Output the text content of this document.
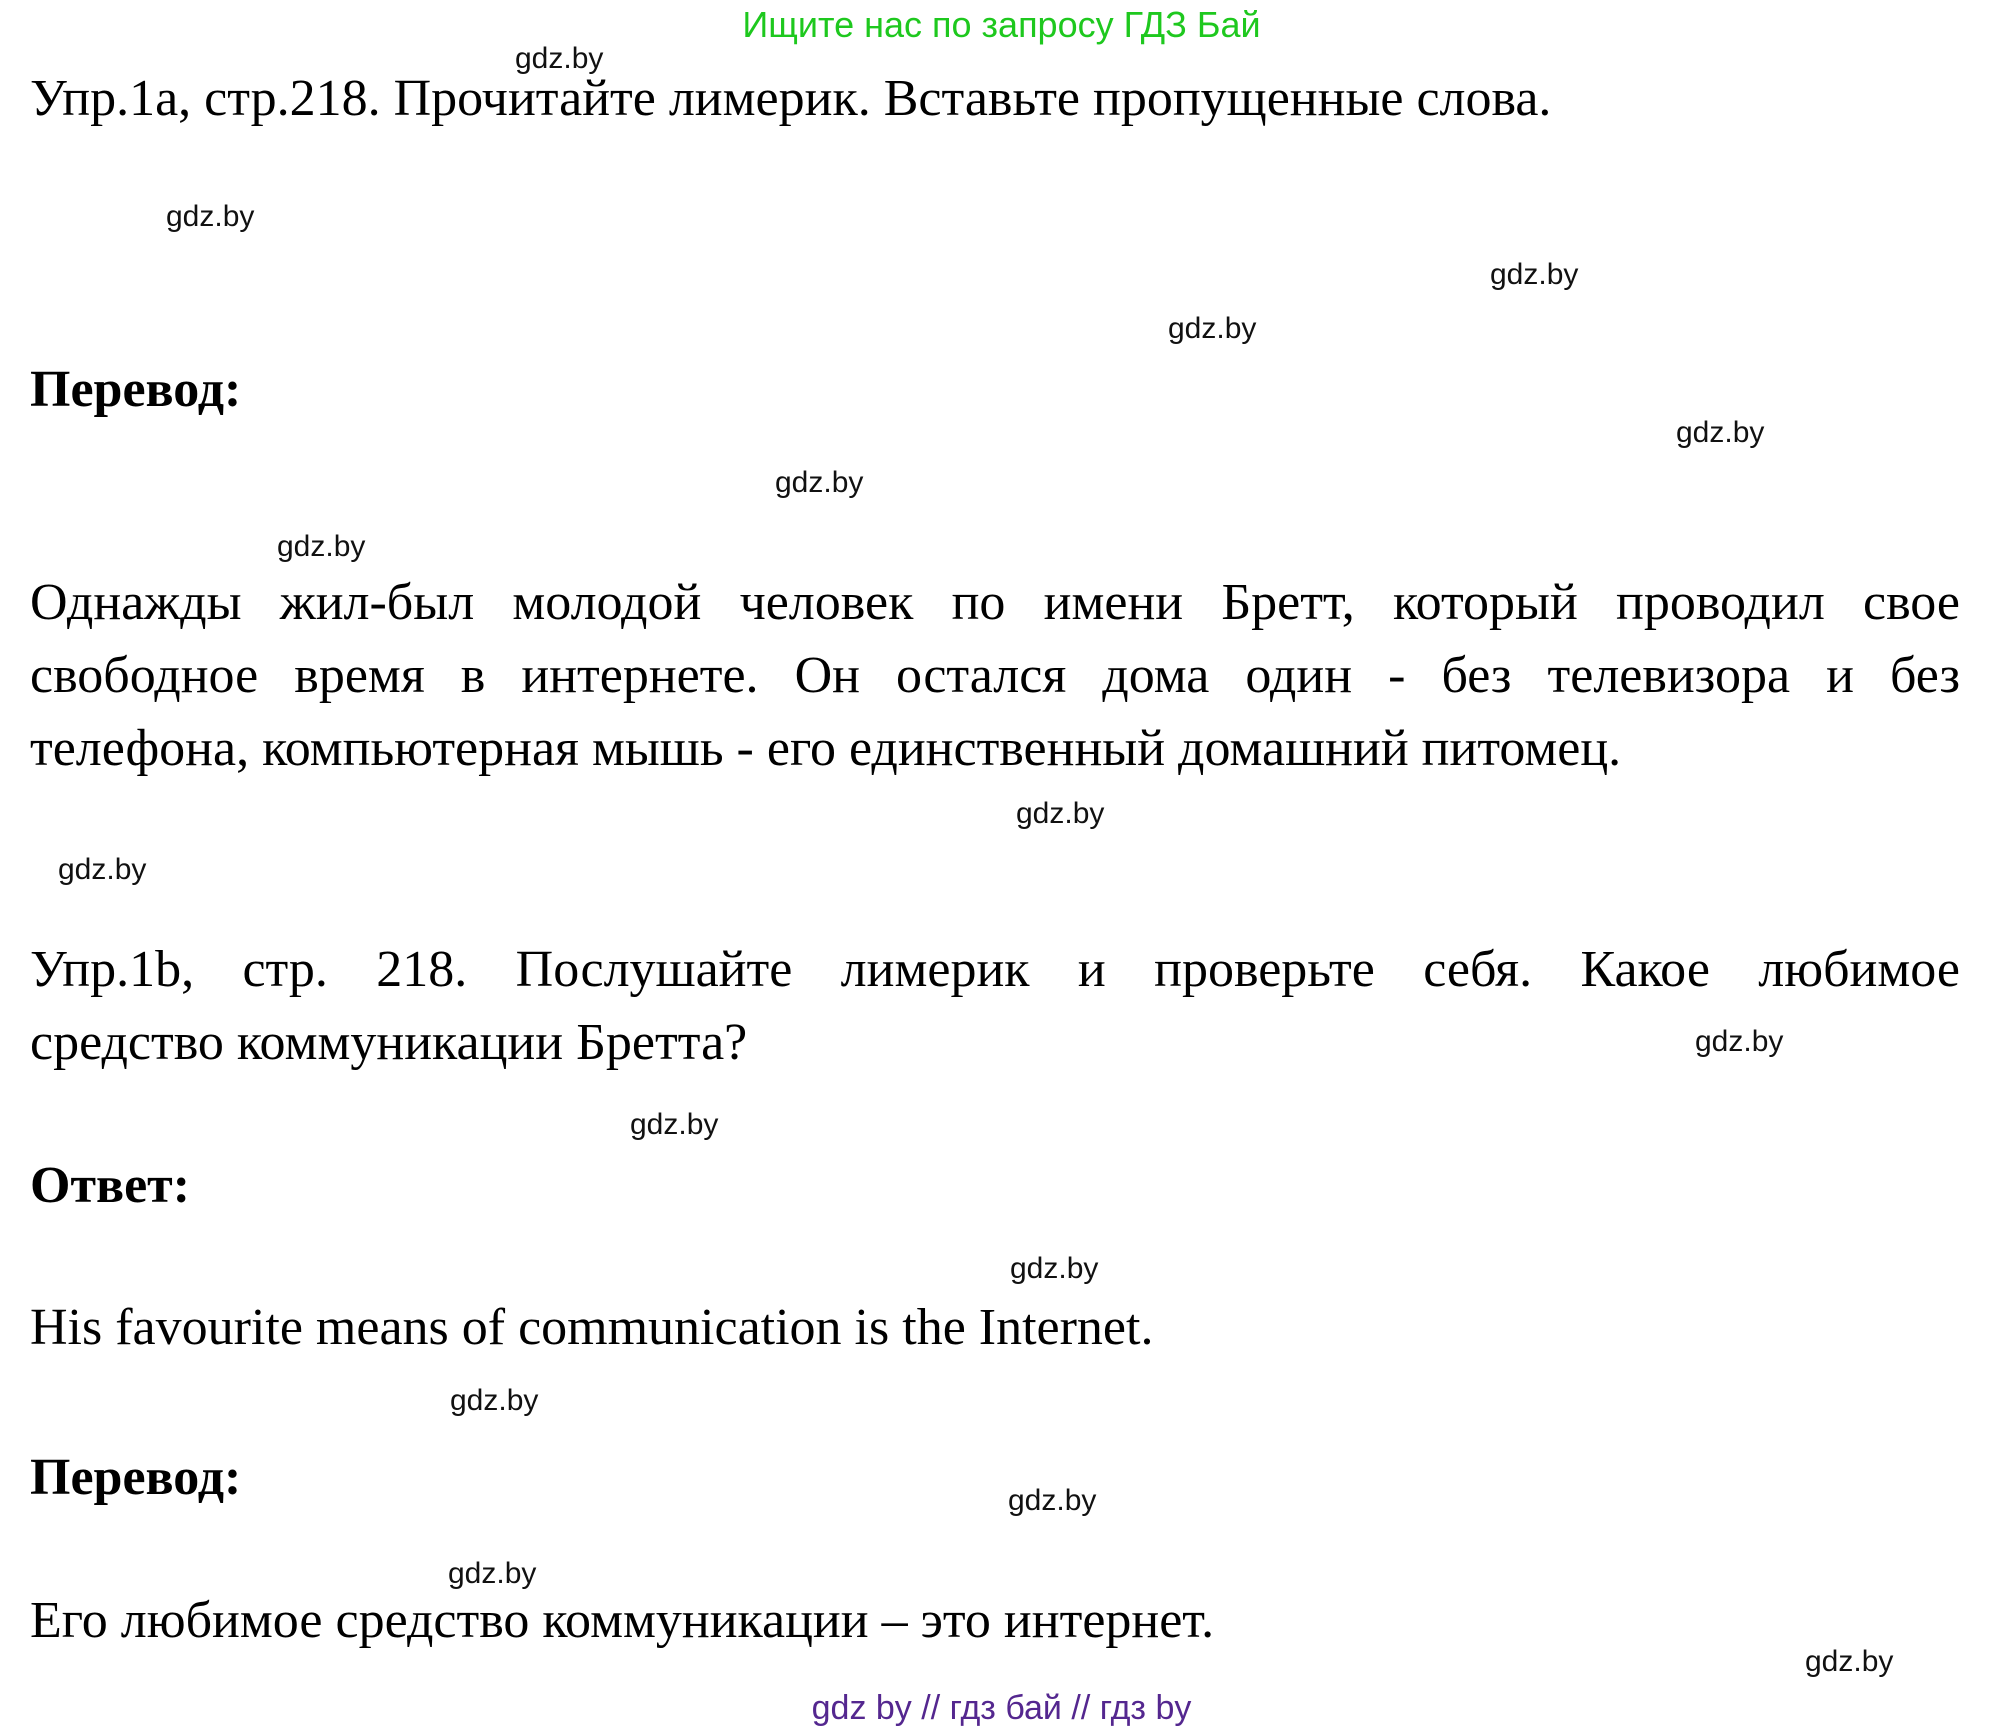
Ищите нас по запросу ГДЗ Бай
gdz.by
gdz.by
gdz.by
gdz.by
gdz.by
gdz.by
gdz.by
gdz.by
gdz.by
gdz.by
gdz.by
gdz.by
gdz.by
gdz.by
gdz.by
gdz.by
Упр.1а, стр.218. Прочитайте лимерик. Вставьте пропущенные слова.
Перевод:
Однажды жил-был молодой человек по имени Бретт, который проводил свое
свободное время в интернете. Он остался дома один - без телевизора и без
телефона, компьютерная мышь - его единственный домашний питомец.
Упр.1b, стр. 218. Послушайте лимерик и проверьте себя. Какое любимое
средство коммуникации Бретта?
Ответ:
His favourite means of communication is the Internet.
Перевод:
Его любимое средство коммуникации – это интернет.
gdz by // гдз бай // гдз by
